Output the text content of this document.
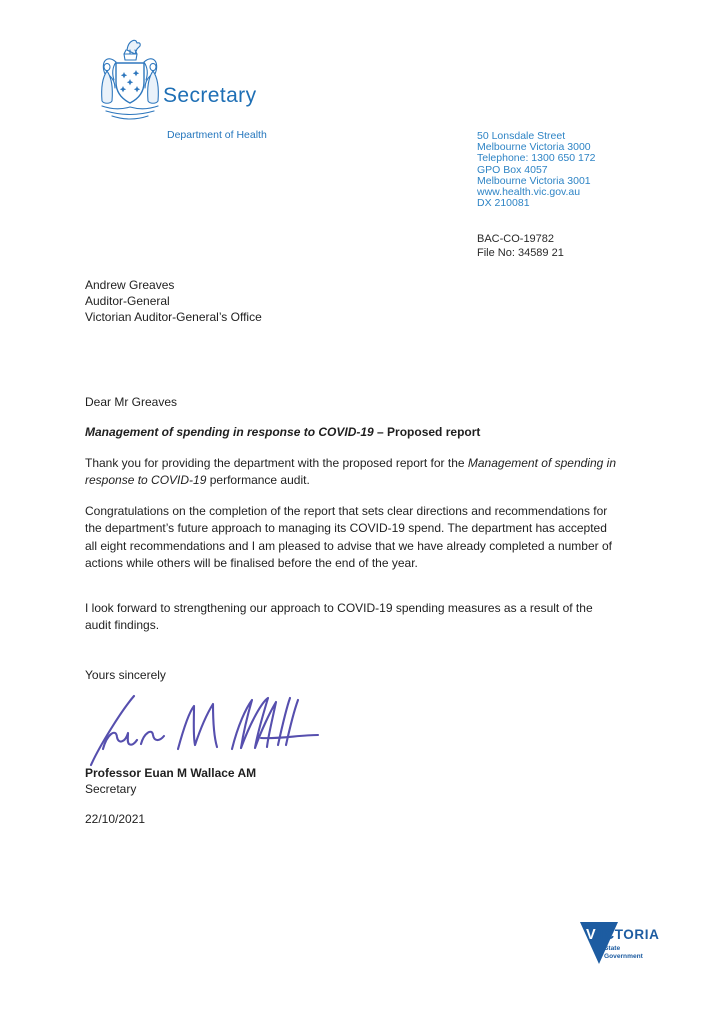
Secretary
Department of Health	50 Lonsdale Street
Melbourne Victoria 3000
Telephone: 1300 650 172
GPO Box 4057
Melbourne Victoria 3001
www.health.vic.gov.au
DX 210081
BAC-CO-19782
File No: 34589 21
Andrew Greaves
Auditor-General
Victorian Auditor-General’s Office
Dear Mr Greaves
Management of spending in response to COVID-19 – Proposed report
Thank you for providing the department with the proposed report for the Management of spending in response to COVID-19 performance audit.
Congratulations on the completion of the report that sets clear directions and recommendations for the department’s future approach to managing its COVID-19 spend. The department has accepted all eight recommendations and I am pleased to advise that we have already completed a number of actions while others will be finalised before the end of the year.
I look forward to strengthening our approach to COVID-19 spending measures as a result of the audit findings.
Yours sincerely
Professor Euan M Wallace AM
Secretary
22/10/2021
V ICTORIA
State
Government
